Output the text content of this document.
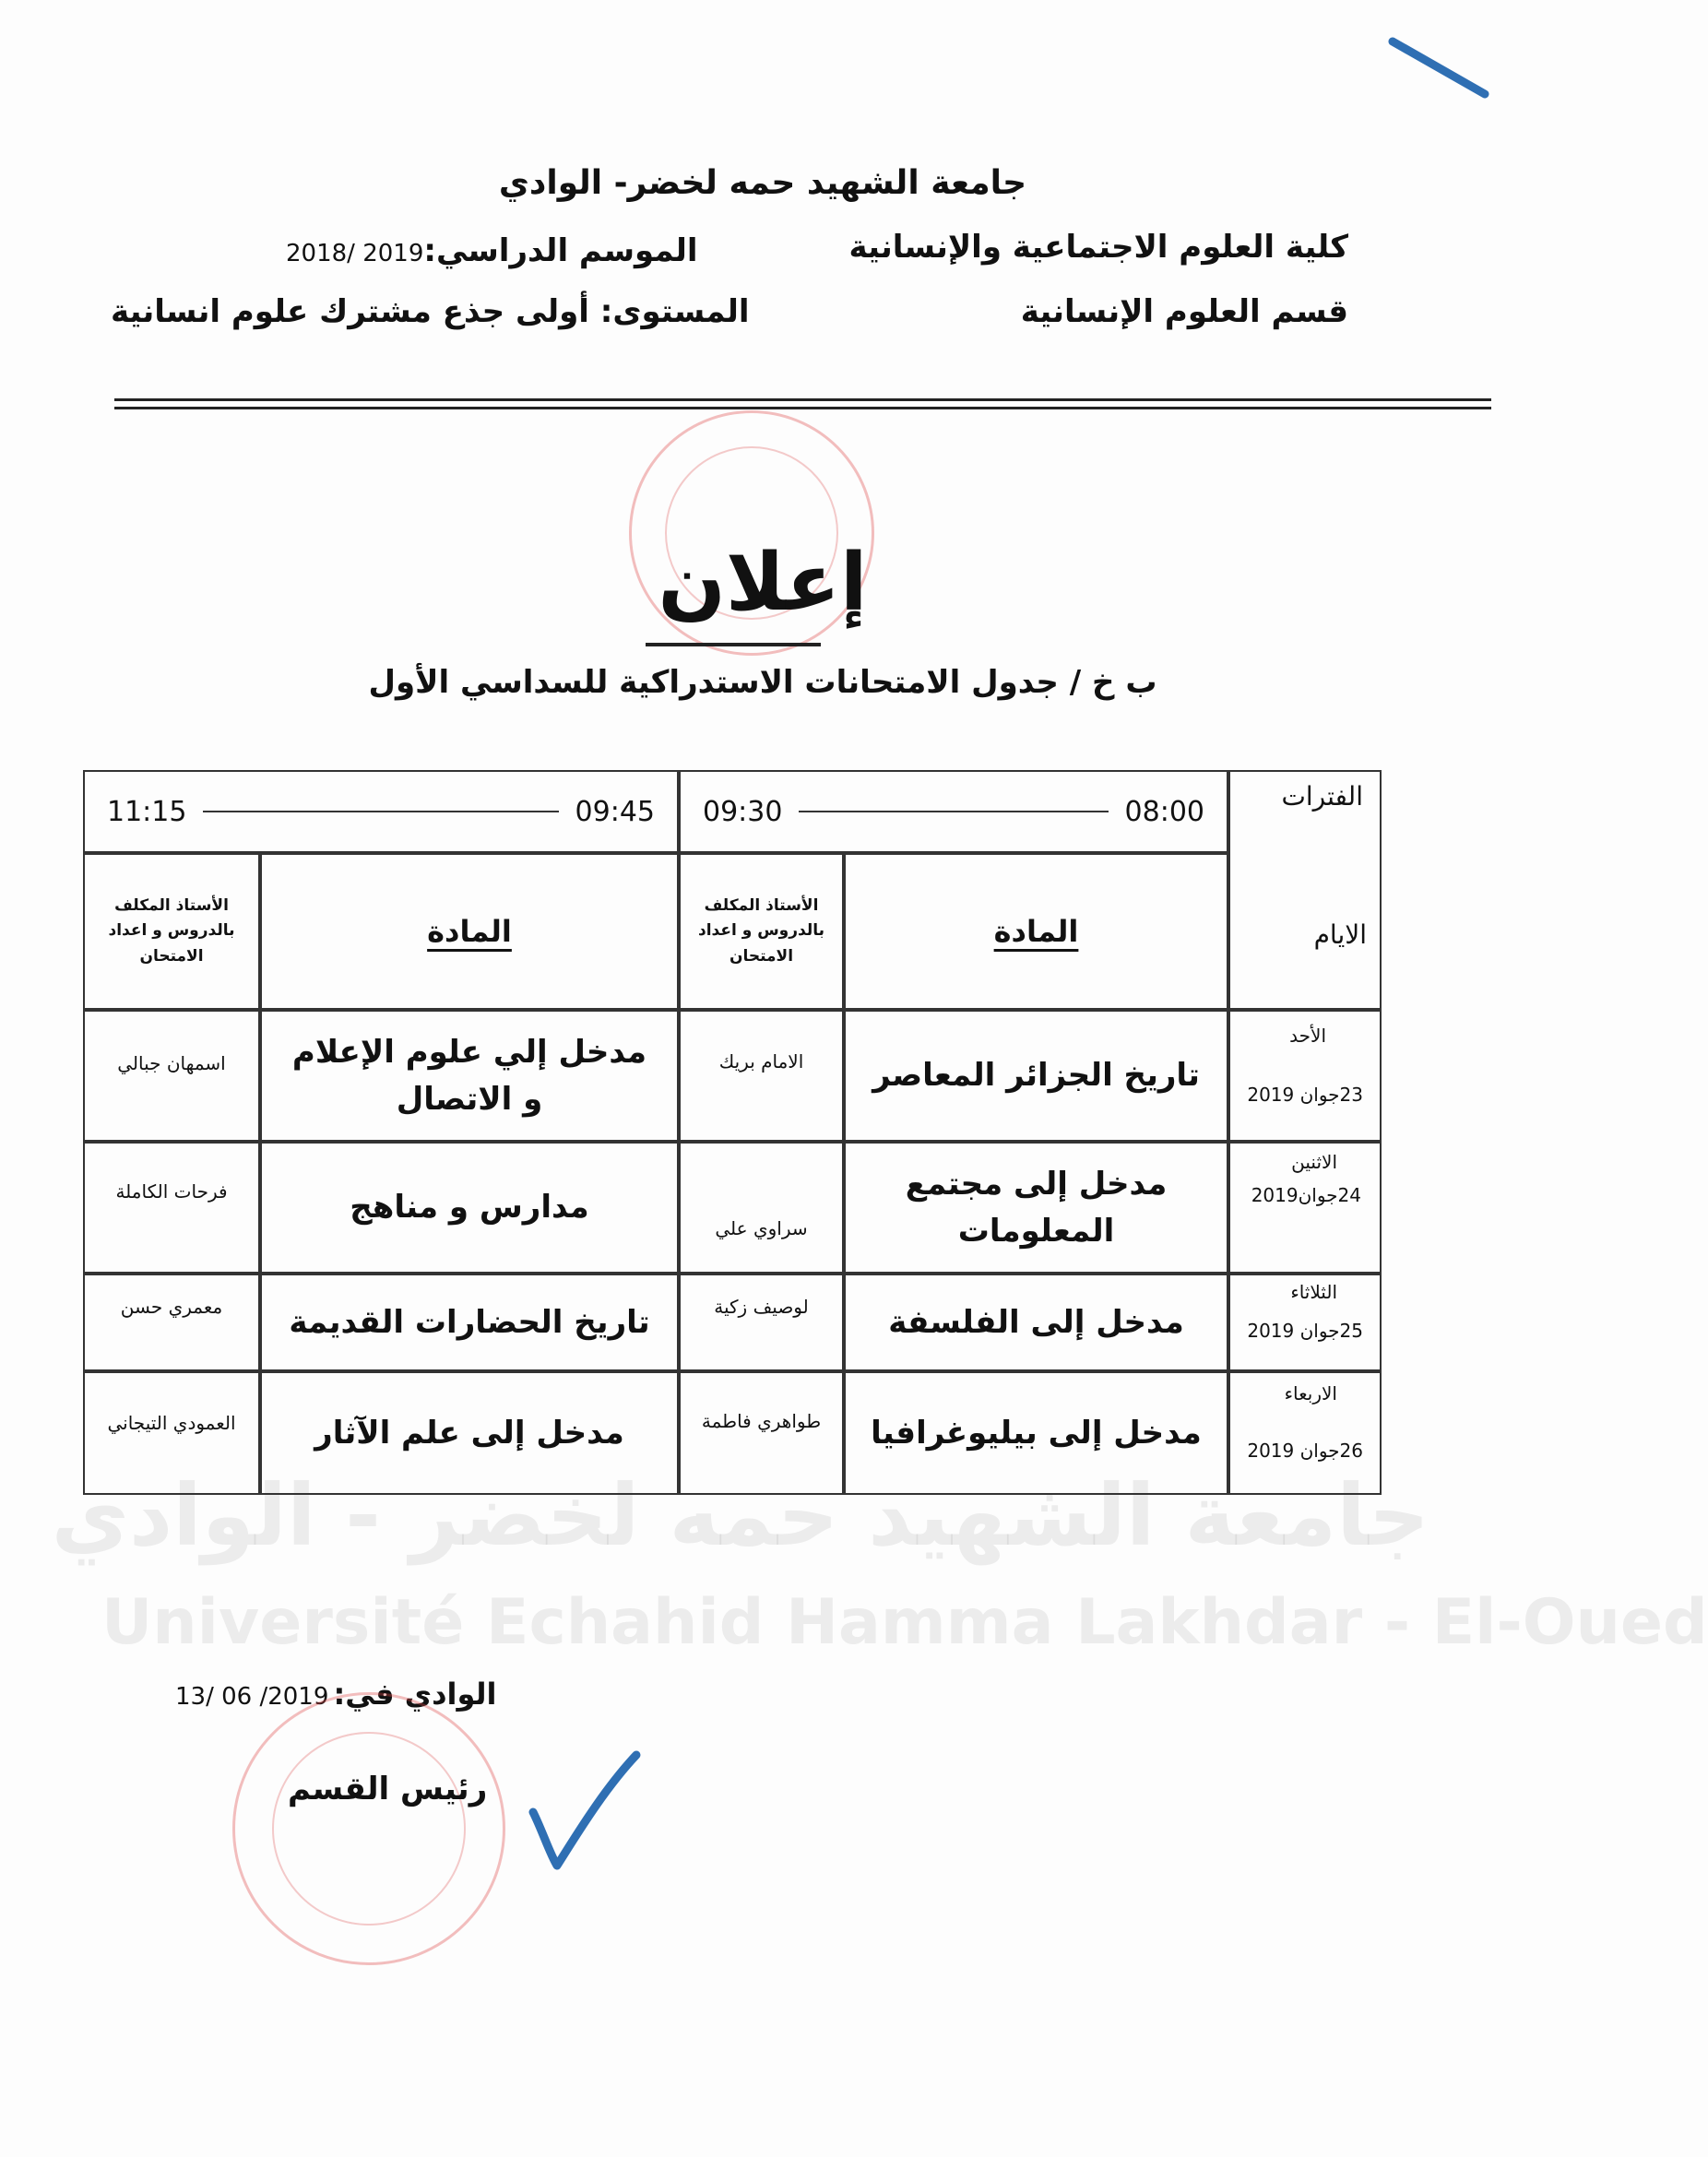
جامعة الشهيد حمه لخضر - الوادي
Université Echahid Hamma Lakhdar - El-Oued
جامعة الشهيد حمه لخضر- الوادي
كلية العلوم الاجتماعية والإنسانية
قسم العلوم الإنسانية
الموسم الدراسي:2018/ 2019
المستوى: أولى جذع مشترك علوم انسانية
إعلان
ب خ / جدول الامتحانات الاستدراكية للسداسي الأول
الفترات
الايام
09:30	08:00
11:15	09:45
المادة
الأستاذ المكلف بالدروس و اعداد الامتحان
المادة
الأستاذ المكلف بالدروس و اعداد الامتحان
الأحد
23جوان 2019
تاريخ الجزائر المعاصر
الامام بريك
مدخل إلي علوم الإعلام و الاتصال
اسمهان جبالي
الاثنين
24جوان2019
مدخل إلى مجتمع المعلومات
سراوي علي
مدارس و مناهج
فرحات الكاملة
الثلاثاء
25جوان 2019
مدخل إلى الفلسفة
لوصيف زكية
تاريخ الحضارات القديمة
معمري حسن
الاربعاء
26جوان 2019
مدخل إلى بيليوغرافيا
طواهري فاطمة
مدخل إلى علم الآثار
العمودي التيجاني
13/ 06 /2019 الوادي في:
رئيس القسم
